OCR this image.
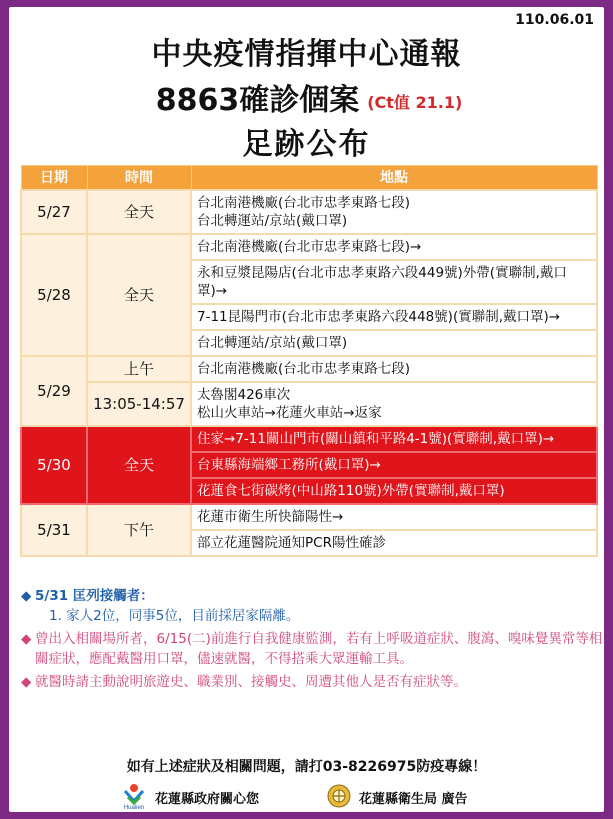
110.06.01
中央疫情指揮中心通報
8863確診個案 (Ct值 21.1)
足跡公布
日期	時間	地點
5/27	全天	台北南港機廠(台北市忠孝東路七段)
台北轉運站/京站(戴口罩)
5/28	全天	台北南港機廠(台北市忠孝東路七段)→
		永和豆漿昆陽店(台北市忠孝東路六段449號)外帶(實聯制,戴口罩)→
		7-11昆陽門市(台北市忠孝東路六段448號)(實聯制,戴口罩)→
		台北轉運站/京站(戴口罩)
5/29	上午	台北南港機廠(台北市忠孝東路七段)
	13:05-14:57	太魯閣426車次
松山火車站→花蓮火車站→返家
5/30	全天	住家→7-11關山門市(關山鎮和平路4-1號)(實聯制,戴口罩)→
		台東縣海端鄉工務所(戴口罩)→
		花蓮食七街碳烤(中山路110號)外帶(實聯制,戴口罩)
5/31	下午	花蓮市衛生所快篩陽性→
		部立花蓮醫院通知PCR陽性確診
◆ 5/31 匡列接觸者：
1. 家人2位，同事5位，目前採居家隔離。
◆ 曾出入相關場所者，6/15(二)前進行自我健康監測，若有上呼吸道症狀、腹瀉、嗅味覺異常等相關症狀，應配戴醫用口罩，儘速就醫，不得搭乘大眾運輸工具。
◆ 就醫時請主動說明旅遊史、職業別、接觸史、周遭其他人是否有症狀等。
如有上述症狀及相關問題，請打03-8226975防疫專線！
Hualien
花蓮縣政府關心您	花蓮縣衛生局 廣告
